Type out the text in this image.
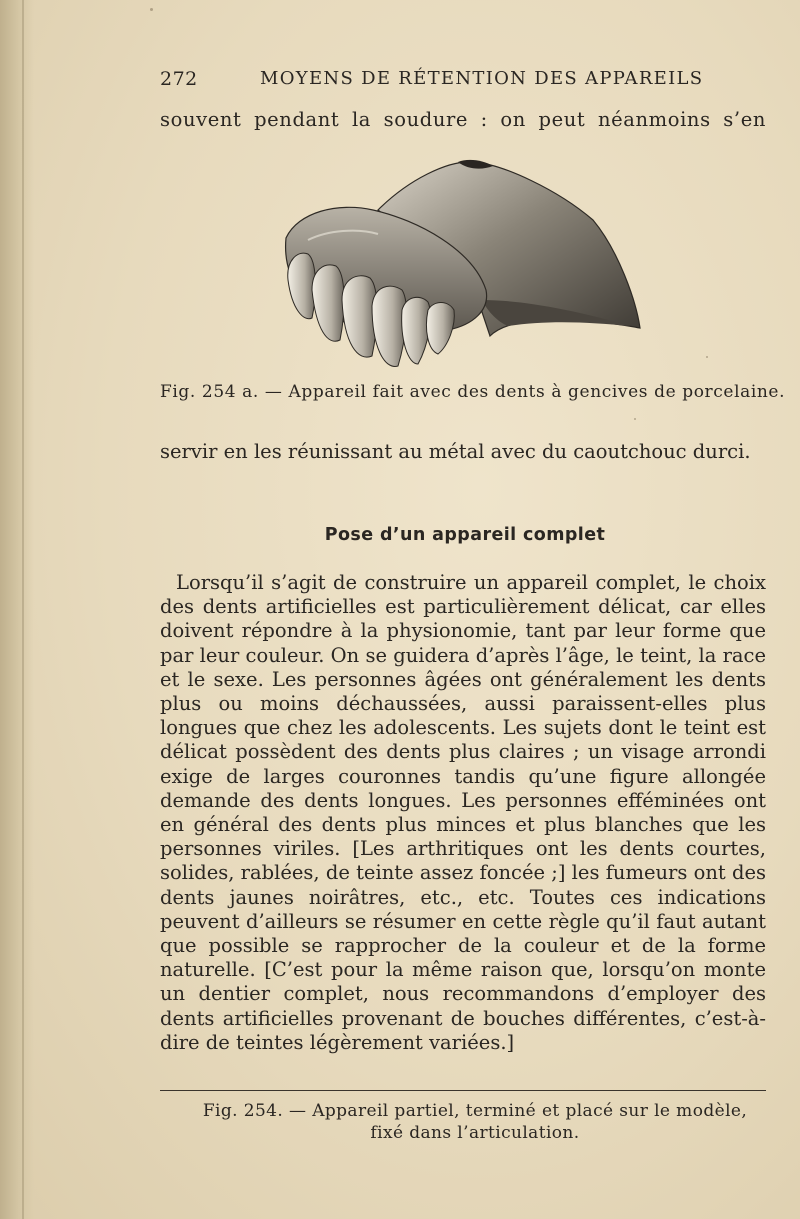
272	MOYENS DE RÉTENTION DES APPAREILS
souvent pendant la soudure : on peut néanmoins s’en
Fig. 254 a. — Appareil fait avec des dents à gencives de porcelaine.
servir en les réunissant au métal avec du caoutchouc durci.
Pose d’un appareil complet
Lorsqu’il s’agit de construire un appareil complet, le choix des dents artificielles est particulièrement délicat, car elles doivent répondre à la physionomie, tant par leur forme que par leur couleur. On se guidera d’après l’âge, le teint, la race et le sexe. Les personnes âgées ont généralement les dents plus ou moins déchaussées, aussi paraissent-elles plus longues que chez les adolescents. Les sujets dont le teint est délicat possèdent des dents plus claires ; un visage arrondi exige de larges couronnes tandis qu’une figure allongée demande des dents longues. Les personnes efféminées ont en général des dents plus minces et plus blanches que les personnes viriles. [Les arthritiques ont les dents courtes, solides, rablées, de teinte assez foncée ;] les fumeurs ont des dents jaunes noirâtres, etc., etc. Toutes ces indications peuvent d’ailleurs se résumer en cette règle qu’il faut autant que possible se rapprocher de la couleur et de la forme naturelle. [C’est pour la même raison que, lorsqu’on monte un dentier complet, nous recommandons d’employer des dents artificielles provenant de bouches différentes, c’est-à-dire de teintes légèrement variées.]
Fig. 254. — Appareil partiel, terminé et placé sur le modèle,
fixé dans l’articulation.
